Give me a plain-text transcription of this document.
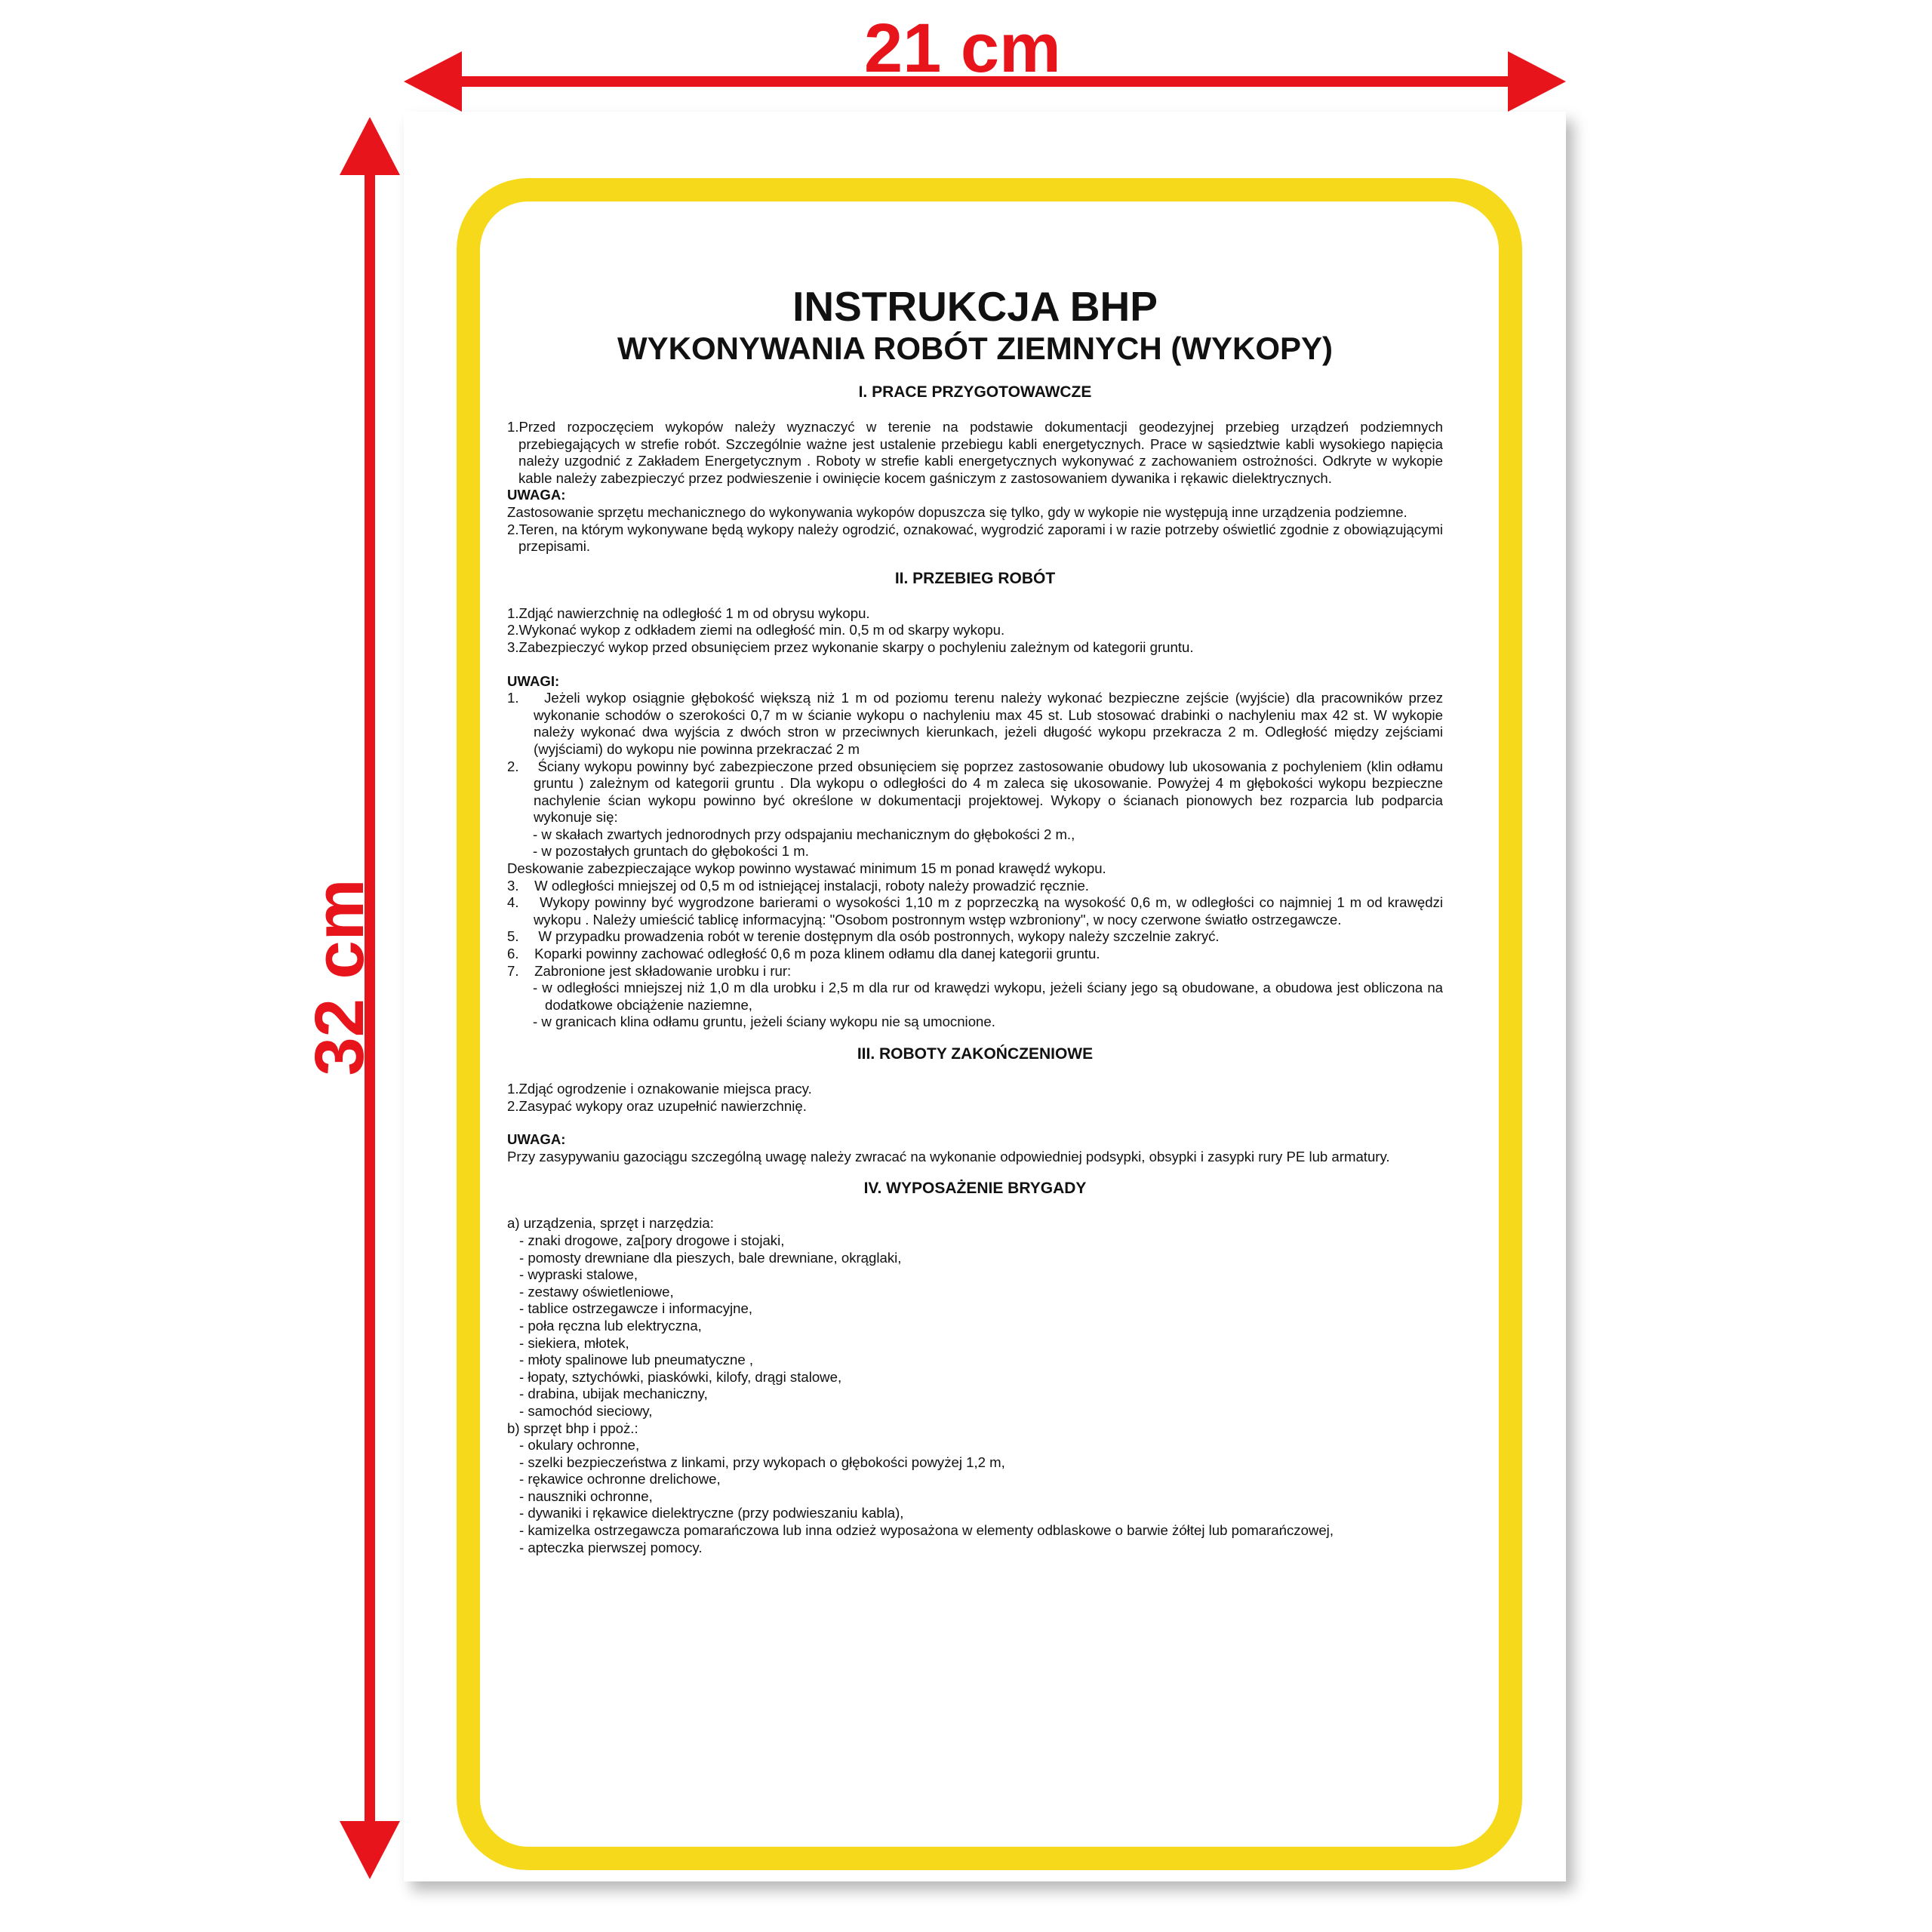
21 cm
32 cm
INSTRUKCJA BHP
WYKONYWANIA ROBÓT ZIEMNYCH (WYKOPY)
I. PRACE PRZYGOTOWAWCZE

1.Przed rozpoczęciem wykopów należy wyznaczyć w terenie na podstawie dokumentacji geodezyjnej przebieg urządzeń podziemnych przebiegających w strefie robót. Szczególnie ważne jest ustalenie przebiegu kabli energetycznych. Prace w sąsiedztwie kabli wysokiego napięcia należy uzgodnić z Zakładem Energetycznym . Roboty w strefie kabli energetycznych wykonywać z zachowaniem ostrożności. Odkryte w wykopie kable należy zabezpieczyć przez podwieszenie i owinięcie kocem gaśniczym z zastosowaniem dywanika i rękawic dielektrycznych.

UWAGA:

Zastosowanie sprzętu mechanicznego do wykonywania wykopów dopuszcza się tylko, gdy w wykopie nie występują inne urządzenia podziemne.

2.Teren, na którym wykonywane będą wykopy należy ogrodzić, oznakować, wygrodzić zaporami i w razie potrzeby oświetlić zgodnie z obowiązującymi przepisami.

II. PRZEBIEG ROBÓT

1.Zdjąć nawierzchnię na odległość 1 m od obrysu wykopu.

2.Wykonać wykop z odkładem ziemi na odległość min. 0,5 m od skarpy wykopu.

3.Zabezpieczyć wykop przed obsunięciem przez wykonanie skarpy o pochyleniu zależnym od kategorii gruntu.

UWAGI:

1.    Jeżeli wykop osiągnie głębokość większą niż 1 m od poziomu terenu należy wykonać bezpieczne zejście (wyjście) dla pracowników przez wykonanie schodów o szerokości 0,7 m w ścianie wykopu o nachyleniu max 45 st. Lub stosować drabinki o nachyleniu max 42 st. W wykopie należy wykonać dwa wyjścia z dwóch stron w przeciwnych kierunkach, jeżeli długość wykopu przekracza 2 m. Odległość między zejściami (wyjściami) do wykopu nie powinna przekraczać 2 m

2.    Ściany wykopu powinny być zabezpieczone przed obsunięciem się poprzez zastosowanie obudowy lub ukosowania z pochyleniem (klin odłamu gruntu ) zależnym od kategorii gruntu . Dla wykopu o odległości do 4 m zaleca się ukosowanie. Powyżej 4 m głębokości wykopu bezpieczne nachylenie ścian wykopu powinno być określone w dokumentacji projektowej. Wykopy o ścianach pionowych bez rozparcia lub podparcia wykonuje się:

- w skałach zwartych jednorodnych przy odspajaniu mechanicznym do głębokości 2 m.,

- w pozostałych gruntach do głębokości 1 m.

Deskowanie zabezpieczające wykop powinno wystawać minimum 15 m ponad krawędź wykopu.

3.    W odległości mniejszej od 0,5 m od istniejącej instalacji, roboty należy prowadzić ręcznie.

4.    Wykopy powinny być wygrodzone barierami o wysokości 1,10 m z poprzeczką na wysokość 0,6 m, w odległości co najmniej 1 m od krawędzi wykopu . Należy umieścić tablicę informacyjną: "Osobom postronnym wstęp wzbroniony", w nocy czerwone światło ostrzegawcze.

5.     W przypadku prowadzenia robót w terenie dostępnym dla osób postronnych, wykopy należy szczelnie zakryć.

6.    Koparki powinny zachować odległość 0,6 m poza klinem odłamu dla danej kategorii gruntu.

7.    Zabronione jest składowanie urobku i rur:

- w odległości mniejszej niż 1,0 m dla urobku i 2,5 m dla rur od krawędzi wykopu, jeżeli ściany jego są obudowane, a obudowa jest obliczona na dodatkowe obciążenie naziemne,

- w granicach klina odłamu gruntu, jeżeli ściany wykopu nie są umocnione.

III. ROBOTY ZAKOŃCZENIOWE

1.Zdjąć ogrodzenie i oznakowanie miejsca pracy.

2.Zasypać wykopy oraz uzupełnić nawierzchnię.

UWAGA:

Przy zasypywaniu gazociągu szczególną uwagę należy zwracać na wykonanie odpowiedniej podsypki, obsypki i zasypki rury PE lub armatury.

IV. WYPOSAŻENIE BRYGADY

a) urządzenia, sprzęt i narzędzia:

- znaki drogowe, za[pory drogowe i stojaki,

- pomosty drewniane dla pieszych, bale drewniane, okrąglaki,

- wypraski stalowe,

- zestawy oświetleniowe,

- tablice ostrzegawcze i informacyjne,

- poła ręczna lub elektryczna,

- siekiera, młotek,

- młoty spalinowe lub pneumatyczne ,

- łopaty, sztychówki, piaskówki, kilofy, drągi stalowe,

- drabina, ubijak mechaniczny,

- samochód sieciowy,

b) sprzęt bhp i ppoż.:

- okulary ochronne,

- szelki bezpieczeństwa z linkami, przy wykopach o głębokości powyżej 1,2 m,

- rękawice ochronne drelichowe,

- nauszniki ochronne,

- dywaniki i rękawice dielektryczne (przy podwieszaniu kabla),

- kamizelka ostrzegawcza pomarańczowa lub inna odzież wyposażona w elementy odblaskowe o barwie żółtej lub pomarańczowej,

- apteczka pierwszej pomocy.
